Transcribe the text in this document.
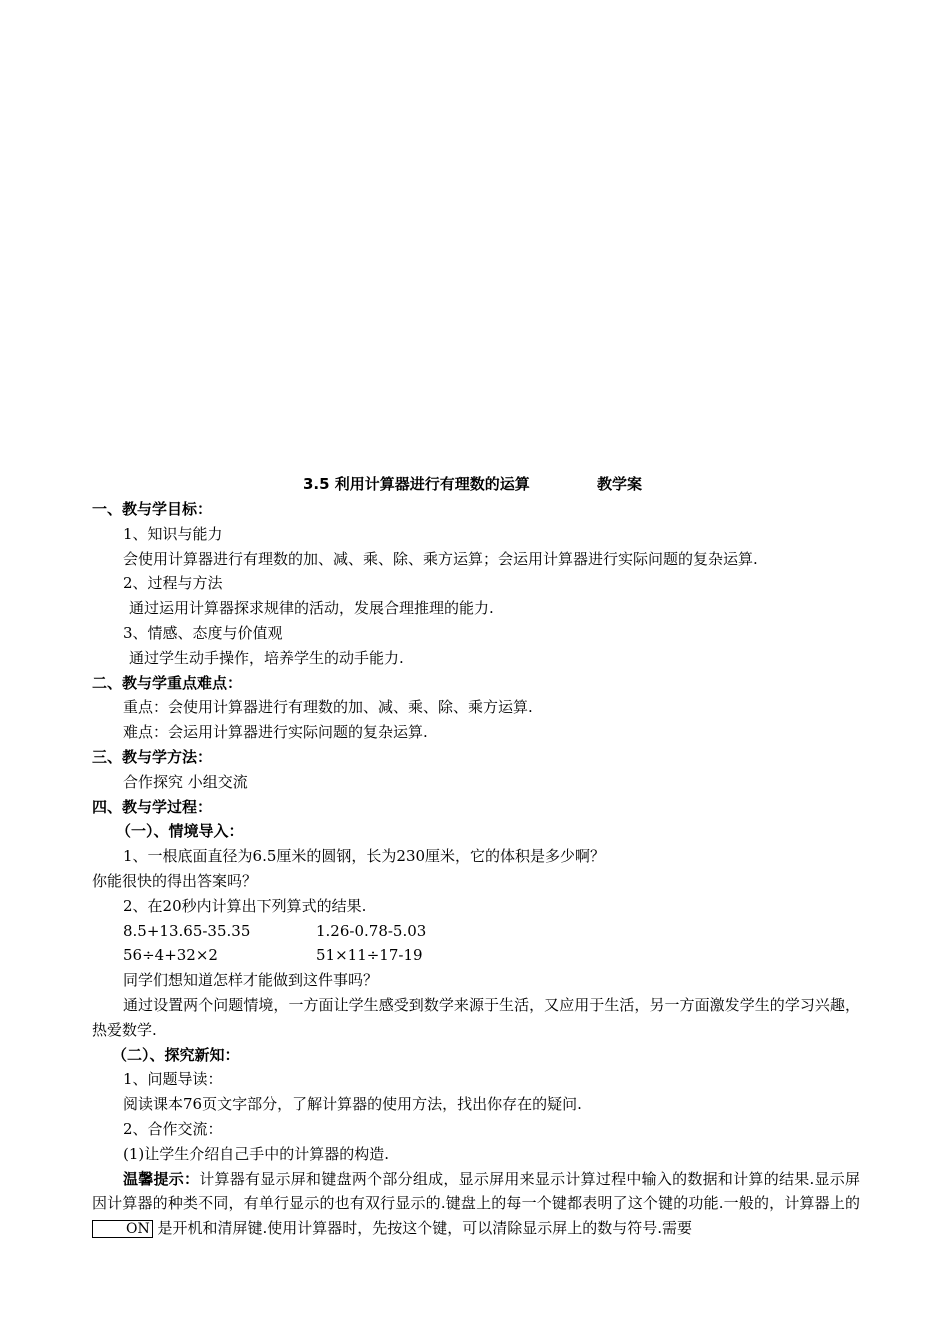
3.5 利用计算器进行有理数的运算	教学案
一、教与学目标：
1、知识与能力
会使用计算器进行有理数的加、减、乘、除、乘方运算；会运用计算器进行实际问题的复杂运算.
2、过程与方法
通过运用计算器探求规律的活动，发展合理推理的能力.
3、情感、态度与价值观
通过学生动手操作，培养学生的动手能力.
二、教与学重点难点：
重点：会使用计算器进行有理数的加、减、乘、除、乘方运算.
难点：会运用计算器进行实际问题的复杂运算.
三、教与学方法：
合作探究 小组交流
四、教与学过程：
（一）、情境导入：
1、一根底面直径为6.5厘米的圆钢，长为230厘米，它的体积是多少啊？
你能很快的得出答案吗？
2、在20秒内计算出下列算式的结果.
8.5+13.65-35.35	1.26-0.78-5.03
56÷4+32×2	51×11÷17-19
同学们想知道怎样才能做到这件事吗？
通过设置两个问题情境，一方面让学生感受到数学来源于生活，又应用于生活，另一方面激发学生的学习兴趣，热爱数学.
（二）、探究新知：
1、问题导读：
阅读课本76页文字部分，了解计算器的使用方法，找出你存在的疑问.
2、合作交流：
(1)让学生介绍自己手中的计算器的构造.
温馨提示：计算器有显示屏和键盘两个部分组成，显示屏用来显示计算过程中输入的数据和计算的结果.显示屏因计算器的种类不同，有单行显示的也有双行显示的.键盘上的每一个键都表明了这个键的功能.一般的，计算器上的ON 是开机和清屏键.使用计算器时，先按这个键，可以清除显示屏上的数与符号.需要
